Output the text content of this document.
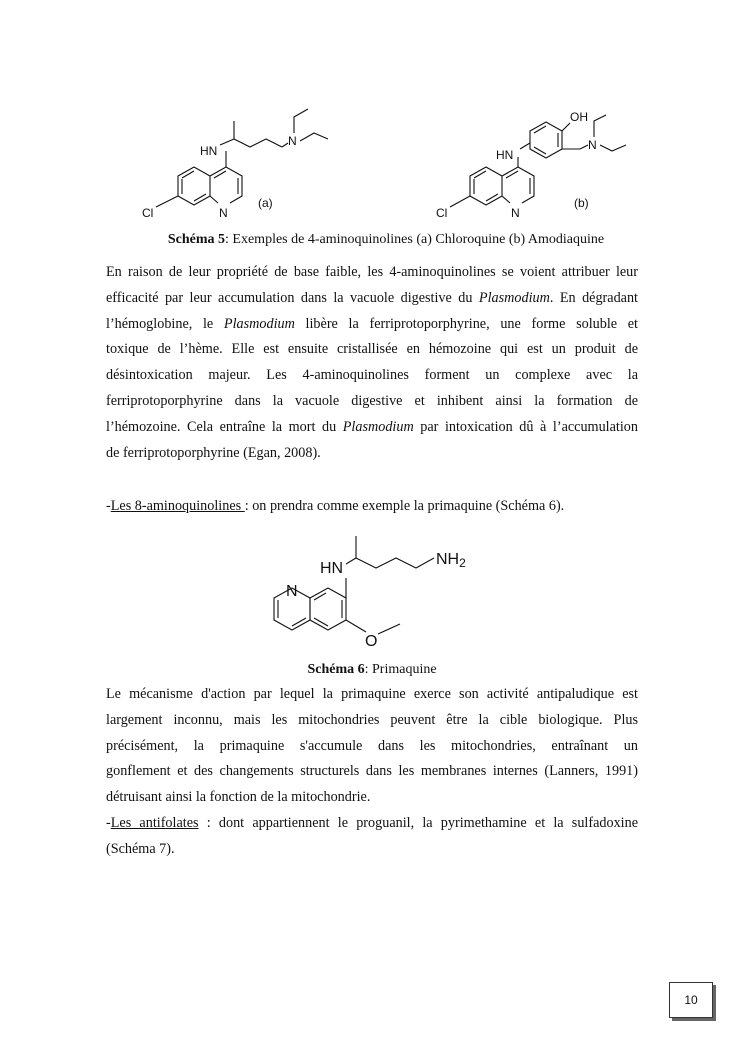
HN
N
Cl	N
(a)
OH
HN
N
Cl	N
(b)
Schéma 5: Exemples de 4-aminoquinolines (a) Chloroquine (b) Amodiaquine
En raison de leur propriété de base faible, les 4-aminoquinolines se voient attribuer leur
efficacité par leur accumulation dans la vacuole digestive du Plasmodium. En dégradant
l’hémoglobine, le Plasmodium libère la ferriprotoporphyrine, une forme soluble et
toxique de l’hème. Elle est ensuite cristallisée en hémozoine qui est un produit de
désintoxication majeur. Les 4-aminoquinolines forment un complexe avec la
ferriprotoporphyrine dans la vacuole digestive et inhibent ainsi la formation de
l’hémozoine. Cela entraîne la mort du Plasmodium par intoxication dû à l’accumulation
de ferriprotoporphyrine (Egan, 2008).
-Les 8-aminoquinolines : on prendra comme exemple la primaquine (Schéma 6).
HN
NH2
N
O
Schéma 6: Primaquine
Le mécanisme d'action par lequel la primaquine exerce son activité antipaludique est
largement inconnu, mais les mitochondries peuvent être la cible biologique. Plus
précisément, la primaquine s'accumule dans les mitochondries, entraînant un
gonflement et des changements structurels dans les membranes internes (Lanners, 1991)
détruisant ainsi la fonction de la mitochondrie.
-Les antifolates : dont appartiennent le proguanil, la pyrimethamine et la sulfadoxine
(Schéma 7).
10
